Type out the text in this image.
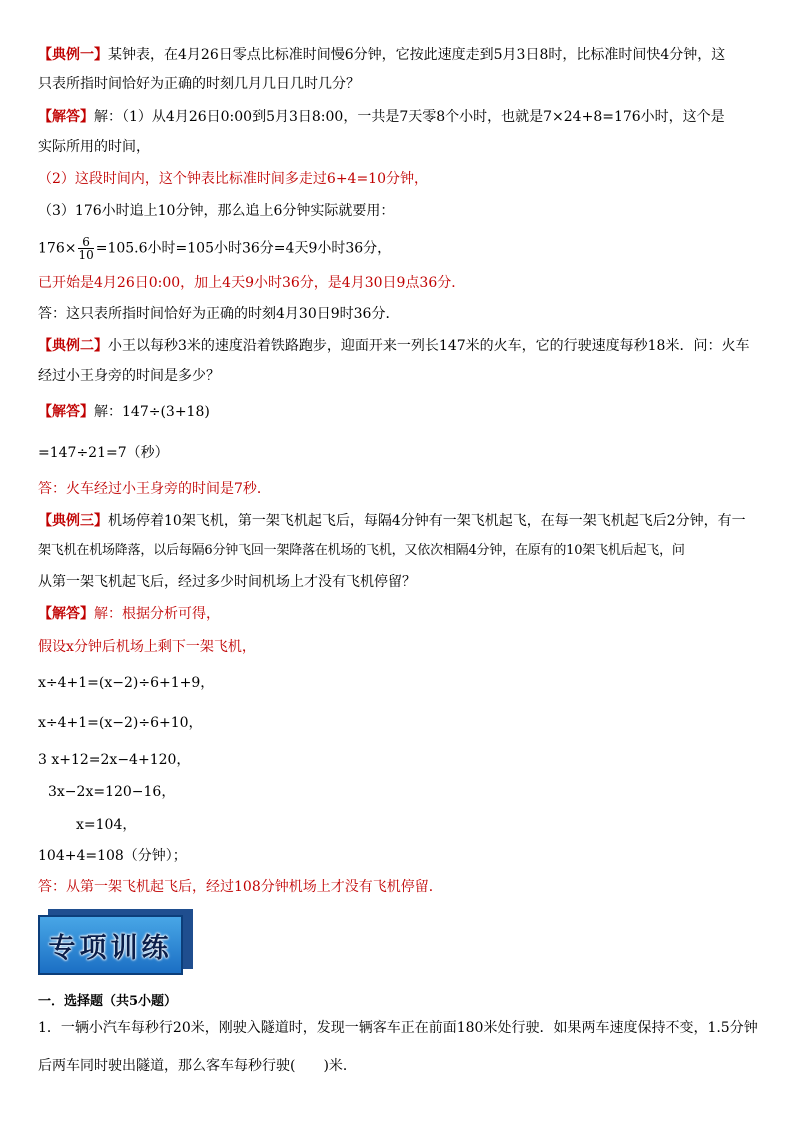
【典例一】某钟表，在4月26日零点比标准时间慢6分钟，它按此速度走到5月3日8时，比标准时间快4分钟，这
只表所指时间恰好为正确的时刻几月几日几时几分？
【解答】解：（1）从4月26日0:00到5月3日8:00，一共是7天零8个小时，也就是7×24+8=176小时，这个是
实际所用的时间，
（2）这段时间内，这个钟表比标准时间多走过6+4=10分钟，
（3）176小时追上10分钟，那么追上6分钟实际就要用：
$176\times \frac{6}{10} =105.6$小时=105小时36分=4天9小时36分，
已开始是4月26日0:00，加上4天9小时36分，是4月30日9点36分．
答：这只表所指时间恰好为正确的时刻4月30日9时36分．
【典例二】小王以每秒3米的速度沿着铁路跑步，迎面开来一列长147米的火车，它的行驶速度每秒18米．问：火车
经过小王身旁的时间是多少？
【解答】解：147÷(3+18)
=147÷21=7（秒）
答：火车经过小王身旁的时间是7秒．
【典例三】机场停着10架飞机，第一架飞机起飞后，每隔4分钟有一架飞机起飞，在每一架飞机起飞后2分钟，有一
架飞机在机场降落，以后每隔6分钟飞回一架降落在机场的飞机，又依次相隔4分钟，在原有的10架飞机后起飞，问
从第一架飞机起飞后，经过多少时间机场上才没有飞机停留？
【解答】解：根据分析可得，
假设x分钟后机场上剩下一架飞机，
x÷4+1=(x−2)÷6+1+9，
x÷4+1=(x−2)÷6+10，
3 x+12=2x−4+120，
3x−2x=120−16，
x=104，
104+4=108（分钟）；
答：从第一架飞机起飞后，经过108分钟机场上才没有飞机停留．
专项训练
一．选择题（共5小题）
1．一辆小汽车每秒行20米，刚驶入隧道时，发现一辆客车正在前面180米处行驶．如果两车速度保持不变，1.5分钟
后两车同时驶出隧道，那么客车每秒行驶(　　)米．
